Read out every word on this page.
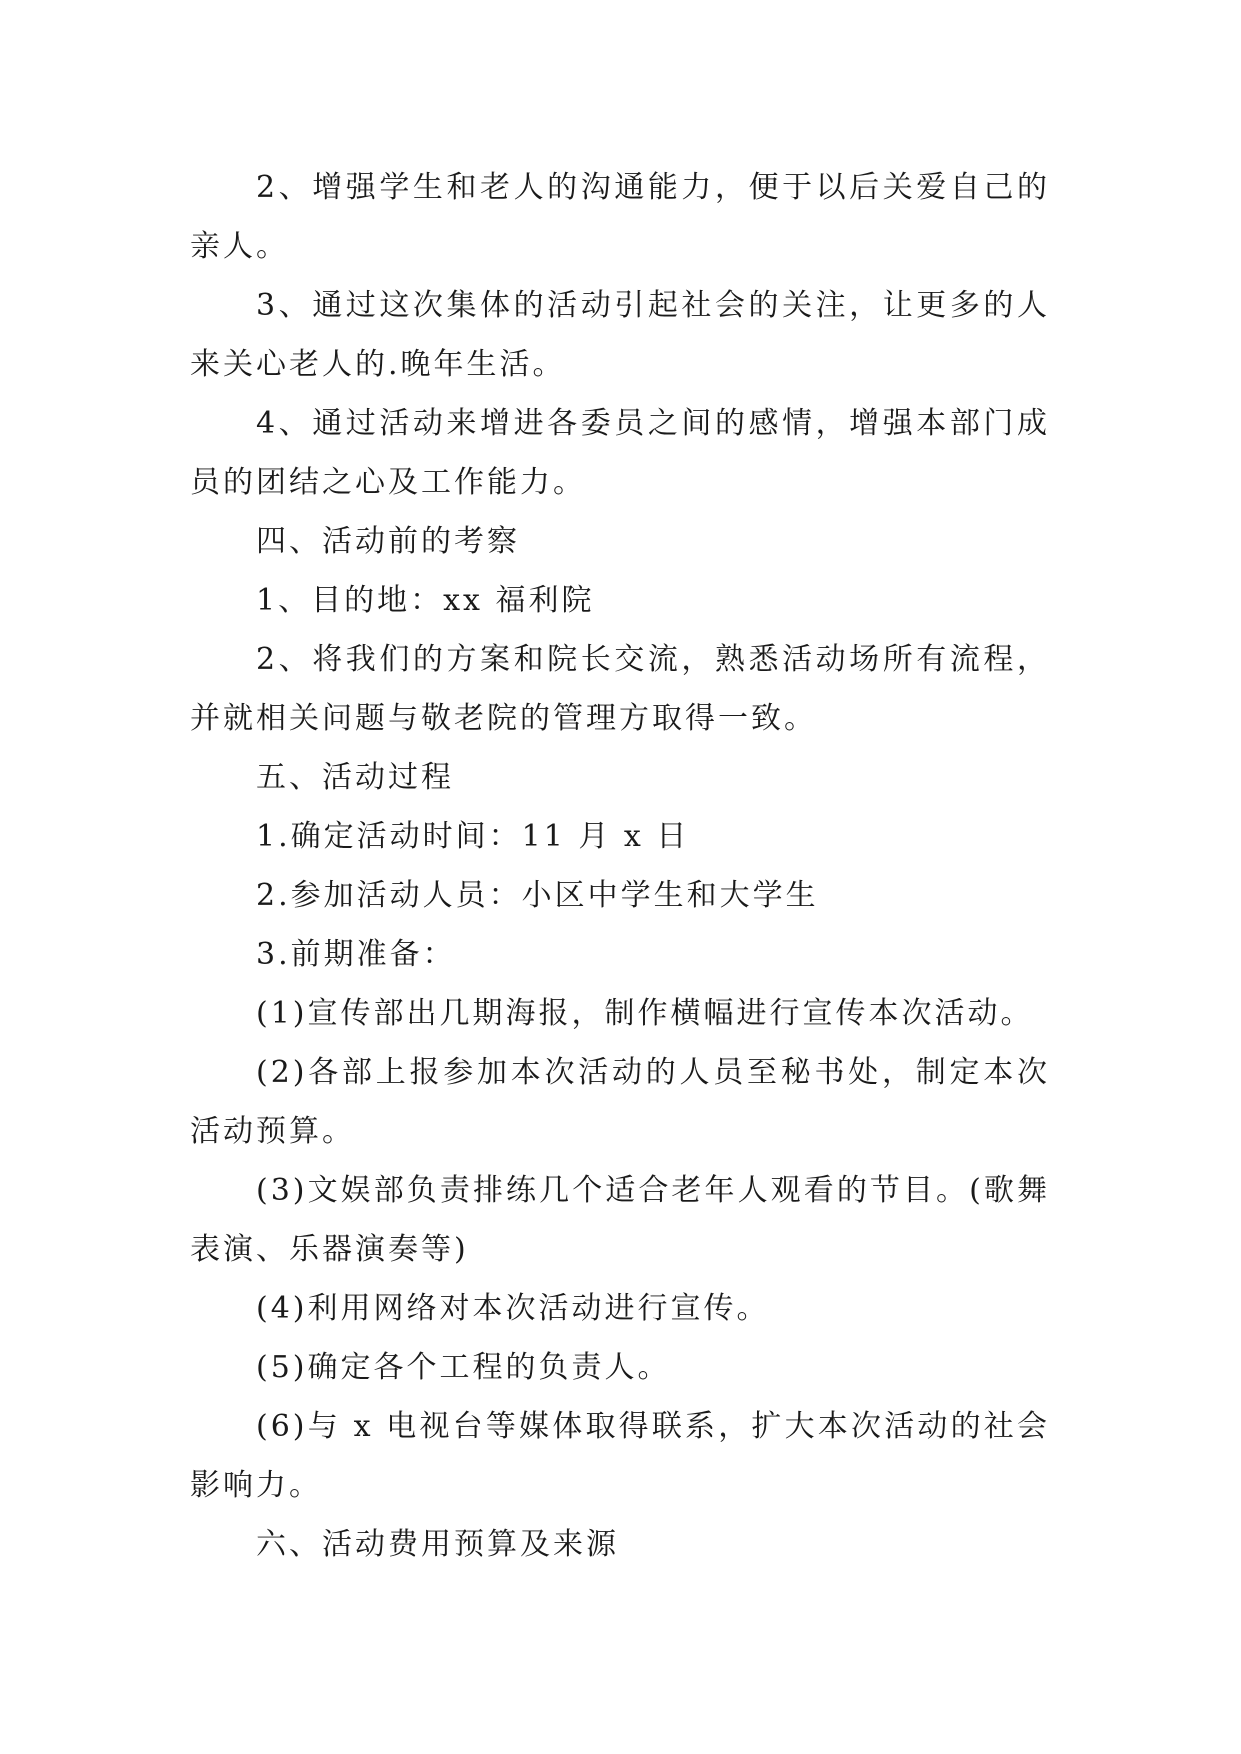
2、增强学生和老人的沟通能力，便于以后关爱自己的亲人。

3、通过这次集体的活动引起社会的关注，让更多的人来关心老人的.晚年生活。

4、通过活动来增进各委员之间的感情，增强本部门成员的团结之心及工作能力。

四、活动前的考察

1、目的地：xx 福利院

2、将我们的方案和院长交流，熟悉活动场所有流程，并就相关问题与敬老院的管理方取得一致。

五、活动过程

1.确定活动时间：11 月 x 日

2.参加活动人员：小区中学生和大学生

3.前期准备：

(1)宣传部出几期海报，制作横幅进行宣传本次活动。

(2)各部上报参加本次活动的人员至秘书处，制定本次活动预算。

(3)文娱部负责排练几个适合老年人观看的节目。(歌舞表演、乐器演奏等)

(4)利用网络对本次活动进行宣传。

(5)确定各个工程的负责人。

(6)与 x 电视台等媒体取得联系，扩大本次活动的社会影响力。

六、活动费用预算及来源
